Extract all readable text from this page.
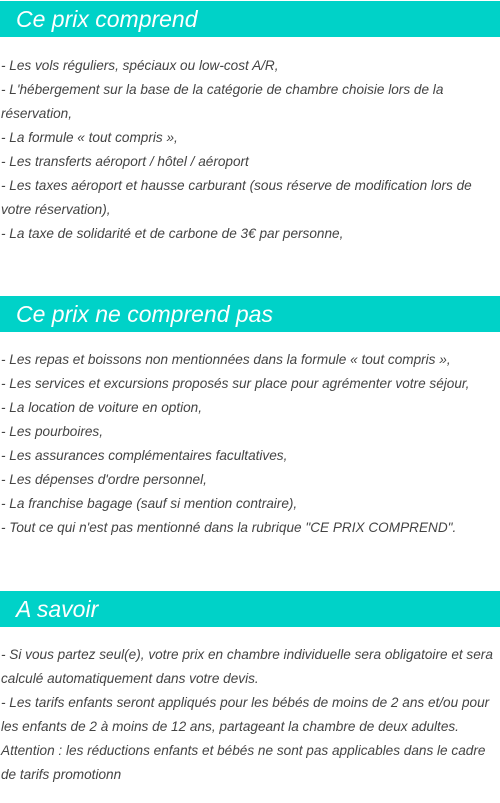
Ce prix comprend
- Les vols réguliers, spéciaux ou low-cost A/R,
- L'hébergement sur la base de la catégorie de chambre choisie lors de la réservation,
- La formule « tout compris »,
- Les transferts aéroport / hôtel / aéroport
- Les taxes aéroport et hausse carburant (sous réserve de modification lors de votre réservation),
- La taxe de solidarité et de carbone de 3€ par personne,
Ce prix ne comprend pas
- Les repas et boissons non mentionnées dans la formule « tout compris »,
- Les services et excursions proposés sur place pour agrémenter votre séjour,
- La location de voiture en option,
- Les pourboires,
- Les assurances complémentaires facultatives,
- Les dépenses d'ordre personnel,
- La franchise bagage (sauf si mention contraire),
- Tout ce qui n'est pas mentionné dans la rubrique "CE PRIX COMPREND".
A savoir
- Si vous partez seul(e), votre prix en chambre individuelle sera obligatoire et sera calculé automatiquement dans votre devis.
- Les tarifs enfants seront appliqués pour les bébés de moins de 2 ans et/ou pour les enfants de 2 à moins de 12 ans, partageant la chambre de deux adultes.
Attention : les réductions enfants et bébés ne sont pas applicables dans le cadre de tarifs promotionn
